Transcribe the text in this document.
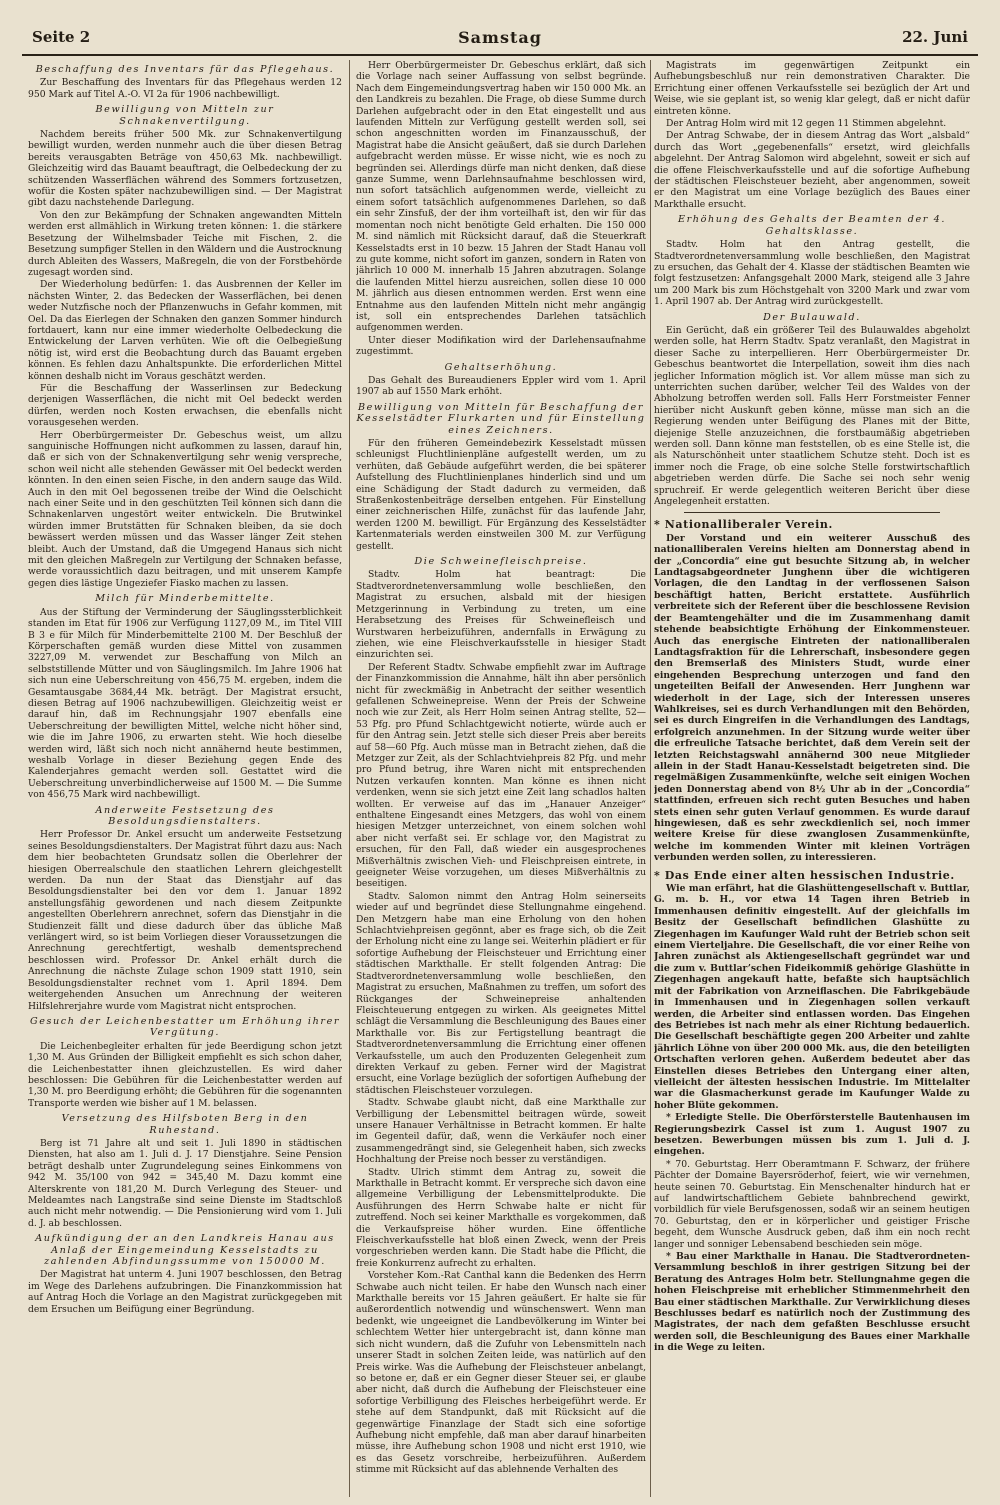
Seite 2	Samstag	22. Juni
Beschaffung des Inventars für das Pflegehaus.

Zur Beschaffung des Inventars für das Pflegehaus werden 12 950 Mark auf Titel A.-O. VI 2a für 1906 nachbewilligt.

Bewilligung von Mitteln zur Schnakenvertilgung.

Nachdem bereits früher 500 Mk. zur Schnakenvertilgung bewilligt wurden, werden nunmehr auch die über diesen Betrag bereits verausgabten Beträge von 450,63 Mk. nachbewilligt. Gleichzeitig wird das Bauamt beauftragt, die Oelbedeckung der zu schützenden Wasserflächen während des Sommers fortzusetzen, wofür die Kosten später nachzubewilligen sind. — Der Magistrat gibt dazu nachstehende Darlegung.

Von den zur Bekämpfung der Schnaken angewandten Mitteln werden erst allmählich in Wirkung treten können: 1. die stärkere Besetzung der Wilhelmsbader Teiche mit Fischen, 2. die Besetzung sumpfiger Stellen in den Wäldern und die Austrocknung durch Ableiten des Wassers, Maßregeln, die von der Forstbehörde zugesagt worden sind.

Der Wiederholung bedürfen: 1. das Ausbrennen der Keller im nächsten Winter, 2. das Bedecken der Wasserflächen, bei denen weder Nutzfische noch der Pflanzenwuchs in Gefahr kommen, mit Oel. Da das Eierlegen der Schnaken den ganzen Sommer hindurch fortdauert, kann nur eine immer wiederholte Oelbedeckung die Entwickelung der Larven verhüten. Wie oft die Oelbegießung nötig ist, wird erst die Beobachtung durch das Bauamt ergeben können. Es fehlen dazu Anhaltspunkte. Die erforderlichen Mittel können deshalb nicht im Voraus geschätzt werden.

Für die Beschaffung der Wasserlinsen zur Bedeckung derjenigen Wasserflächen, die nicht mit Oel bedeckt werden dürfen, werden noch Kosten erwachsen, die ebenfalls nicht vorausgesehen werden.

Herr Oberbürgermeister Dr. Gebeschus weist, um allzu sanguinische Hoffnungen nicht aufkommen zu lassen, darauf hin, daß er sich von der Schnakenvertilgung sehr wenig verspreche, schon weil nicht alle stehenden Gewässer mit Oel bedeckt werden könnten. In den einen seien Fische, in den andern sauge das Wild. Auch in den mit Oel begossenen treibe der Wind die Oelschicht nach einer Seite und in den geschützten Teil können sich dann die Schnakenlarven ungestört weiter entwickeln. Die Brutwinkel würden immer Brutstätten für Schnaken bleiben, da sie doch bewässert werden müssen und das Wasser länger Zeit stehen bleibt. Auch der Umstand, daß die Umgegend Hanaus sich nicht mit den gleichen Maßregeln zur Vertilgung der Schnaken befasse, werde voraussichtlich dazu beitragen, und mit unserem Kampfe gegen dies lästige Ungeziefer Fiasko machen zu lassen.

Milch für Minderbemittelte.

Aus der Stiftung der Verminderung der Säuglingssterblichkeit standen im Etat für 1906 zur Verfügung 1127,09 M., im Titel VIII B 3 e für Milch für Minderbemittelte 2100 M. Der Beschluß der Körperschaften gemäß wurden diese Mittel von zusammen 3227,09 M. verwendet zur Beschaffung von Milch an selbststillende Mütter und von Säuglingsmilch. Im Jahre 1906 hat sich nun eine Ueberschreitung von 456,75 M. ergeben, indem die Gesamtausgabe 3684,44 Mk. beträgt. Der Magistrat ersucht, diesen Betrag auf 1906 nachzubewilligen. Gleichzeitig weist er darauf hin, daß im Rechnungsjahr 1907 ebenfalls eine Ueberschreitung der bewilligten Mittel, welche nicht höher sind, wie die im Jahre 1906, zu erwarten steht. Wie hoch dieselbe werden wird, läßt sich noch nicht annähernd heute bestimmen, weshalb Vorlage in dieser Beziehung gegen Ende des Kalenderjahres gemacht werden soll. Gestattet wird die Ueberschreitung unverbindlicherweise auf 1500 M. — Die Summe von 456,75 Mark wird nachbewilligt.

Anderweite Festsetzung des Besoldungsdienstalters.

Herr Professor Dr. Ankel ersucht um anderweite Festsetzung seines Besoldungsdienstalters. Der Magistrat führt dazu aus: Nach dem hier beobachteten Grundsatz sollen die Oberlehrer der hiesigen Oberrealschule den staatlichen Lehrern gleichgestellt werden. Da nun der Staat das Dienstjahr auf das Besoldungsdienstalter bei den vor dem 1. Januar 1892 anstellungsfähig gewordenen und nach diesem Zeitpunkte angestellten Oberlehrern anrechnet, sofern das Dienstjahr in die Studienzeit fällt und diese dadurch über das übliche Maß verlängert wird, so ist beim Vorliegen dieser Voraussetzungen die Anrechnung gerechtfertigt, weshalb dementsprechend beschlossen wird. Professor Dr. Ankel erhält durch die Anrechnung die nächste Zulage schon 1909 statt 1910, sein Besoldungsdienstalter rechnet vom 1. April 1894. Dem weitergehenden Ansuchen um Anrechnung der weiteren Hilfslehrerjahre wurde vom Magistrat nicht entsprochen.

Gesuch der Leichenbestatter um Erhöhung ihrer Vergütung.

Die Leichenbegleiter erhalten für jede Beerdigung schon jetzt 1,30 M. Aus Gründen der Billigkeit empfiehlt es sich schon daher, die Leichenbestatter ihnen gleichzustellen. Es wird daher beschlossen: Die Gebühren für die Leichenbestatter werden auf 1,30 M. pro Beerdigung erhöht; die Gebühren für die sogenannten Transporte werden wie bisher auf 1 M. belassen.

Versetzung des Hilfsboten Berg in den Ruhestand.

Berg ist 71 Jahre alt und seit 1. Juli 1890 in städtischen Diensten, hat also am 1. Juli d. J. 17 Dienstjahre. Seine Pension beträgt deshalb unter Zugrundelegung seines Einkommens von 942 M. 35/100 von 942 = 345,40 M. Dazu kommt eine Alterskrente von 181,20 M. Durch Verlegung des Steuer- und Meldeamtes nach Langstraße sind seine Dienste im Stadtschloß auch nicht mehr notwendig. — Die Pensionierung wird vom 1. Juli d. J. ab beschlossen.

Aufkündigung der an den Landkreis Hanau aus Anlaß der Eingemeindung Kesselstadts zu zahlenden Abfindungssumme von 150000 M.

Der Magistrat hat unterm 4. Juni 1907 beschlossen, den Betrag im Wege des Darlehens aufzubringen. Die Finanzkommission hat auf Antrag Hoch die Vorlage an den Magistrat zurückgegeben mit dem Ersuchen um Beifügung einer Begründung.

Herr Oberbürgermeister Dr. Gebeschus erklärt, daß sich die Vorlage nach seiner Auffassung von selbst begründe. Nach dem Eingemeindungsvertrag haben wir 150 000 Mk. an den Landkreis zu bezahlen. Die Frage, ob diese Summe durch Darlehen aufgebracht oder in den Etat eingestellt und aus laufenden Mitteln zur Verfügung gestellt werden soll, sei schon angeschnitten worden im Finanzausschuß, der Magistrat habe die Ansicht geäußert, daß sie durch Darlehen aufgebracht werden müsse. Er wisse nicht, wie es noch zu begründen sei. Allerdings dürfe man nicht denken, daß diese ganze Summe, wenn Darlehnsaufnahme beschlossen wird, nun sofort tatsächlich aufgenommen werde, vielleicht zu einem sofort tatsächlich aufgenommenes Darlehen, so daß ein sehr Zinsfuß, der der ihm vorteilhaft ist, den wir für das momentan noch nicht benötigte Geld erhalten. Die 150 000 M. sind nämlich mit Rücksicht darauf, daß die Steuerkraft Kesselstadts erst in 10 bezw. 15 Jahren der Stadt Hanau voll zu gute komme, nicht sofort im ganzen, sondern in Raten von jährlich 10 000 M. innerhalb 15 Jahren abzutragen. Solange die laufenden Mittel hierzu ausreichen, sollen diese 10 000 M. jährlich aus diesen entnommen werden. Erst wenn eine Entnahme aus den laufenden Mitteln nicht mehr angängig ist, soll ein entsprechendes Darlehen tatsächlich aufgenommen werden.

Unter dieser Modifikation wird der Darlehensaufnahme zugestimmt.

Gehaltserhöhung.

Das Gehalt des Bureaudieners Eppler wird vom 1. April 1907 ab auf 1550 Mark erhöht.

Bewilligung von Mitteln für Beschaffung der Kesselstädter Flurkarten und für Einstellung eines Zeichners.

Für den früheren Gemeindebezirk Kesselstadt müssen schleunigst Fluchtlinienpläne aufgestellt werden, um zu verhüten, daß Gebäude aufgeführt werden, die bei späterer Aufstellung des Fluchtlinienplanes hinderlich sind und um eine Schädigung der Stadt dadurch zu vermeiden, daß Straßenkostenbeiträge derselben entgehen. Für Einstellung einer zeichnerischen Hilfe, zunächst für das laufende Jahr, werden 1200 M. bewilligt. Für Ergänzung des Kesselstädter Kartenmaterials werden einstweilen 300 M. zur Verfügung gestellt.

Die Schweinefleischpreise.

Stadtv. Holm hat beantragt: Die Stadtverordnetenversammlung wolle beschließen, den Magistrat zu ersuchen, alsbald mit der hiesigen Metzgerinnung in Verbindung zu treten, um eine Herabsetzung des Preises für Schweinefleisch und Wurstwaren herbeizuführen, andernfalls in Erwägung zu ziehen, wie eine Fleischverkaufsstelle in hiesiger Stadt einzurichten sei.

Der Referent Stadtv. Schwabe empfiehlt zwar im Auftrage der Finanzkommission die Annahme, hält ihn aber persönlich nicht für zweckmäßig in Anbetracht der seither wesentlich gefallenen Schweinepreise. Wenn der Preis der Schweine noch wie zur Zeit, als Herr Holm seinen Antrag stellte, 52—53 Pfg. pro Pfund Schlachtgewicht notierte, würde auch er für den Antrag sein. Jetzt stelle sich dieser Preis aber bereits auf 58—60 Pfg. Auch müsse man in Betracht ziehen, daß die Metzger zur Zeit, als der Schlachtviehpreis 82 Pfg. und mehr pro Pfund betrug, ihre Waren nicht mit entsprechenden Nutzen verkaufen konnten. Man könne es ihnen nicht verdenken, wenn sie sich jetzt eine Zeit lang schadlos halten wollten. Er verweise auf das im „Hanauer Anzeiger“ enthaltene Eingesandt eines Metzgers, das wohl von einem hiesigen Metzger unterzeichnet, von einem solchen wohl aber nicht verfaßt sei. Er schlage vor, den Magistrat zu ersuchen, für den Fall, daß wieder ein ausgesprochenes Mißverhältnis zwischen Vieh- und Fleischpreisen eintrete, in geeigneter Weise vorzugehen, um dieses Mißverhältnis zu beseitigen.

Stadtv. Salomon nimmt den Antrag Holm seinerseits wieder auf und begründet diese Stellungnahme eingehend. Den Metzgern habe man eine Erholung von den hohen Schlachtviehpreisen gegönnt, aber es frage sich, ob die Zeit der Erholung nicht eine zu lange sei. Weiterhin plädiert er für sofortige Aufhebung der Fleischsteuer und Errichtung einer städtischen Markthalle. Er stellt folgenden Antrag: Die Stadtverordnetenversammlung wolle beschließen, den Magistrat zu ersuchen, Maßnahmen zu treffen, um sofort des Rückganges der Schweinepreise anhaltenden Fleischteuerung entgegen zu wirken. Als geeignetes Mittel schlägt die Versammlung die Beschleunigung des Baues einer Markthalle vor. Bis zur Fertigstellung beantragt die Stadtverordnetenversammlung die Errichtung einer offenen Verkaufsstelle, um auch den Produzenten Gelegenheit zum direkten Verkauf zu geben. Ferner wird der Magistrat ersucht, eine Vorlage bezüglich der sofortigen Aufhebung der städtischen Fleischsteuer vorzulegen.

Stadtv. Schwabe glaubt nicht, daß eine Markthalle zur Verbilligung der Lebensmittel beitragen würde, soweit unsere Hanauer Verhältnisse in Betracht kommen. Er halte im Gegenteil dafür, daß, wenn die Verkäufer noch einer zusammengedrängt sind, sie Gelegenheit haben, sich zwecks Hochhaltung der Preise noch besser zu verständigen.

Stadtv. Ulrich stimmt dem Antrag zu, soweit die Markthalle in Betracht kommt. Er verspreche sich davon eine allgemeine Verbilligung der Lebensmittelprodukte. Die Ausführungen des Herrn Schwabe halte er nicht für zutreffend. Noch sei keiner Markthalle es vorgekommen, daß die Verkaufspreise höher wurden. Eine öffentliche Fleischverkaufsstelle hat bloß einen Zweck, wenn der Preis vorgeschrieben werden kann. Die Stadt habe die Pflicht, die freie Konkurrenz aufrecht zu erhalten.

Vorsteher Kom.-Rat Canthal kann die Bedenken des Herrn Schwabe auch nicht teilen. Er habe den Wunsch nach einer Markthalle bereits vor 15 Jahren geäußert. Er halte sie für außerordentlich notwendig und wünschenswert. Wenn man bedenkt, wie ungeeignet die Landbevölkerung im Winter bei schlechtem Wetter hier untergebracht ist, dann könne man sich nicht wundern, daß die Zufuhr von Lebensmitteln nach unserer Stadt in solchen Zeiten leide, was natürlich auf den Preis wirke. Was die Aufhebung der Fleischsteuer anbelangt, so betone er, daß er ein Gegner dieser Steuer sei, er glaube aber nicht, daß durch die Aufhebung der Fleischsteuer eine sofortige Verbilligung des Fleisches herbeigeführt werde. Er stehe auf dem Standpunkt, daß mit Rücksicht auf die gegenwärtige Finanzlage der Stadt sich eine sofortige Aufhebung nicht empfehle, daß man aber darauf hinarbeiten müsse, ihre Aufhebung schon 1908 und nicht erst 1910, wie es das Gesetz vorschreibe, herbeizuführen. Außerdem stimme mit Rücksicht auf das ablehnende Verhalten des

Magistrats im gegenwärtigen Zeitpunkt ein Aufhebungsbeschluß nur rein demonstrativen Charakter. Die Errichtung einer offenen Verkaufsstelle sei bezüglich der Art und Weise, wie sie geplant ist, so wenig klar gelegt, daß er nicht dafür eintreten könne.

Der Antrag Holm wird mit 12 gegen 11 Stimmen abgelehnt.

Der Antrag Schwabe, der in diesem Antrag das Wort „alsbald“ durch das Wort „gegebenenfalls“ ersetzt, wird gleichfalls abgelehnt. Der Antrag Salomon wird abgelehnt, soweit er sich auf die offene Fleischverkaufsstelle und auf die sofortige Aufhebung der städtischen Fleischsteuer bezieht, aber angenommen, soweit er den Magistrat um eine Vorlage bezüglich des Baues einer Markthalle ersucht.

Erhöhung des Gehalts der Beamten der 4. Gehaltsklasse.

Stadtv. Holm hat den Antrag gestellt, die Stadtverordnetenversammlung wolle beschließen, den Magistrat zu ersuchen, das Gehalt der 4. Klasse der städtischen Beamten wie folgt festzusetzen: Anfangsgehalt 2000 Mark, steigend alle 3 Jahre um 200 Mark bis zum Höchstgehalt von 3200 Mark und zwar vom 1. April 1907 ab. Der Antrag wird zurückgestellt.

Der Bulauwald.

Ein Gerücht, daß ein größerer Teil des Bulauwaldes abgeholzt werden solle, hat Herrn Stadtv. Spatz veranlaßt, den Magistrat in dieser Sache zu interpellieren. Herr Oberbürgermeister Dr. Gebeschus beantwortet die Interpellation, soweit ihm dies nach jeglicher Information möglich ist. Vor allem müsse man sich zu unterrichten suchen darüber, welcher Teil des Waldes von der Abholzung betroffen werden soll. Falls Herr Forstmeister Fenner hierüber nicht Auskunft geben könne, müsse man sich an die Regierung wenden unter Beifügung des Planes mit der Bitte, diejenige Stelle anzuzeichnen, die forstbaumäßig abgetrieben werden soll. Dann könne man feststellen, ob es eine Stelle ist, die als Naturschönheit unter staatlichem Schutze steht. Doch ist es immer noch die Frage, ob eine solche Stelle forstwirtschaftlich abgetrieben werden dürfe. Die Sache sei noch sehr wenig spruchreif. Er werde gelegentlich weiteren Bericht über diese Angelegenheit erstatten.

* Nationalliberaler Verein.

Der Vorstand und ein weiterer Ausschuß des nationalliberalen Vereins hielten am Donnerstag abend in der „Concordia“ eine gut besuchte Sitzung ab, in welcher Landtagsabgeordneter Junghenn über die wichtigeren Vorlagen, die den Landtag in der verflossenen Saison beschäftigt hatten, Bericht erstattete. Ausführlich verbreitete sich der Referent über die beschlossene Revision der Beamtengehälter und die im Zusammenhang damit stehende beabsichtigte Erhöhung der Einkommensteuer. Auch das energische Eintreten der nationalliberalen Landtagsfraktion für die Lehrerschaft, insbesondere gegen den Bremserlaß des Ministers Studt, wurde einer eingehenden Besprechung unterzogen und fand den ungeteilten Beifall der Anwesenden. Herr Junghenn war wiederholt in der Lage, sich der Interessen unseres Wahlkreises, sei es durch Verhandlungen mit den Behörden, sei es durch Eingreifen in die Verhandlungen des Landtags, erfolgreich anzunehmen. In der Sitzung wurde weiter über die erfreuliche Tatsache berichtet, daß dem Verein seit der letzten Reichstagswahl annähernd 300 neue Mitglieder allein in der Stadt Hanau-Kesselstadt beigetreten sind. Die regelmäßigen Zusammenkünfte, welche seit einigen Wochen jeden Donnerstag abend von 8½ Uhr ab in der „Concordia“ stattfinden, erfreuen sich recht guten Besuches und haben stets einen sehr guten Verlauf genommen. Es wurde darauf hingewiesen, daß es sehr zweckdienlich sei, noch immer weitere Kreise für diese zwanglosen Zusammenkünfte, welche im kommenden Winter mit kleinen Vorträgen verbunden werden sollen, zu interessieren.

* Das Ende einer alten hessischen Industrie.

Wie man erfährt, hat die Glashüttengesellschaft v. Buttlar, G. m. b. H., vor etwa 14 Tagen ihren Betrieb in Immenhausen definitiv eingestellt. Auf der gleichfalls im Besitz der Gesellschaft befindlichen Glashütte zu Ziegenhagen im Kaufunger Wald ruht der Betrieb schon seit einem Vierteljahre. Die Gesellschaft, die vor einer Reihe von Jahren zunächst als Aktiengesellschaft gegründet war und die zum v. Buttlar’schen Fideikommiß gehörige Glashütte in Ziegenhagen angekauft hatte, befaßte sich hauptsächlich mit der Fabrikation von Arzneiflaschen. Die Fabrikgebäude in Immenhausen und in Ziegenhagen sollen verkauft werden, die Arbeiter sind entlassen worden. Das Eingehen des Betriebes ist nach mehr als einer Richtung bedauerlich. Die Gesellschaft beschäftigte gegen 200 Arbeiter und zahlte jährlich Löhne von über 200 000 Mk. aus, die den beteiligten Ortschaften verloren gehen. Außerdem bedeutet aber das Einstellen dieses Betriebes den Untergang einer alten, vielleicht der ältesten hessischen Industrie. Im Mittelalter war die Glasmacherkunst gerade im Kaufunger Walde zu hoher Blüte gekommen.

* Erledigte Stelle. Die Oberförsterstelle Bautenhausen im Regierungsbezirk Cassel ist zum 1. August 1907 zu besetzen. Bewerbungen müssen bis zum 1. Juli d. J. eingehen.

* 70. Geburtstag. Herr Oberamtmann F. Schwarz, der frühere Pächter der Domaine Bayersröderhof, feiert, wie wir vernehmen, heute seinen 70. Geburtstag. Ein Menschenalter hindurch hat er auf landwirtschaftlichem Gebiete bahnbrechend gewirkt, vorbildlich für viele Berufsgenossen, sodaß wir an seinem heutigen 70. Geburtstag, den er in körperlicher und geistiger Frische begeht, dem Wunsche Ausdruck geben, daß ihm ein noch recht langer und sonniger Lebensabend beschieden sein möge.

* Bau einer Markthalle in Hanau. Die Stadtverordneten-Versammlung beschloß in ihrer gestrigen Sitzung bei der Beratung des Antrages Holm betr. Stellungnahme gegen die hohen Fleischpreise mit erheblicher Stimmenmehrheit den Bau einer städtischen Markthalle. Zur Verwirklichung dieses Beschlusses bedarf es natürlich noch der Zustimmung des Magistrates, der nach dem gefaßten Beschlusse ersucht werden soll, die Beschleunigung des Baues einer Markhalle in die Wege zu leiten.
